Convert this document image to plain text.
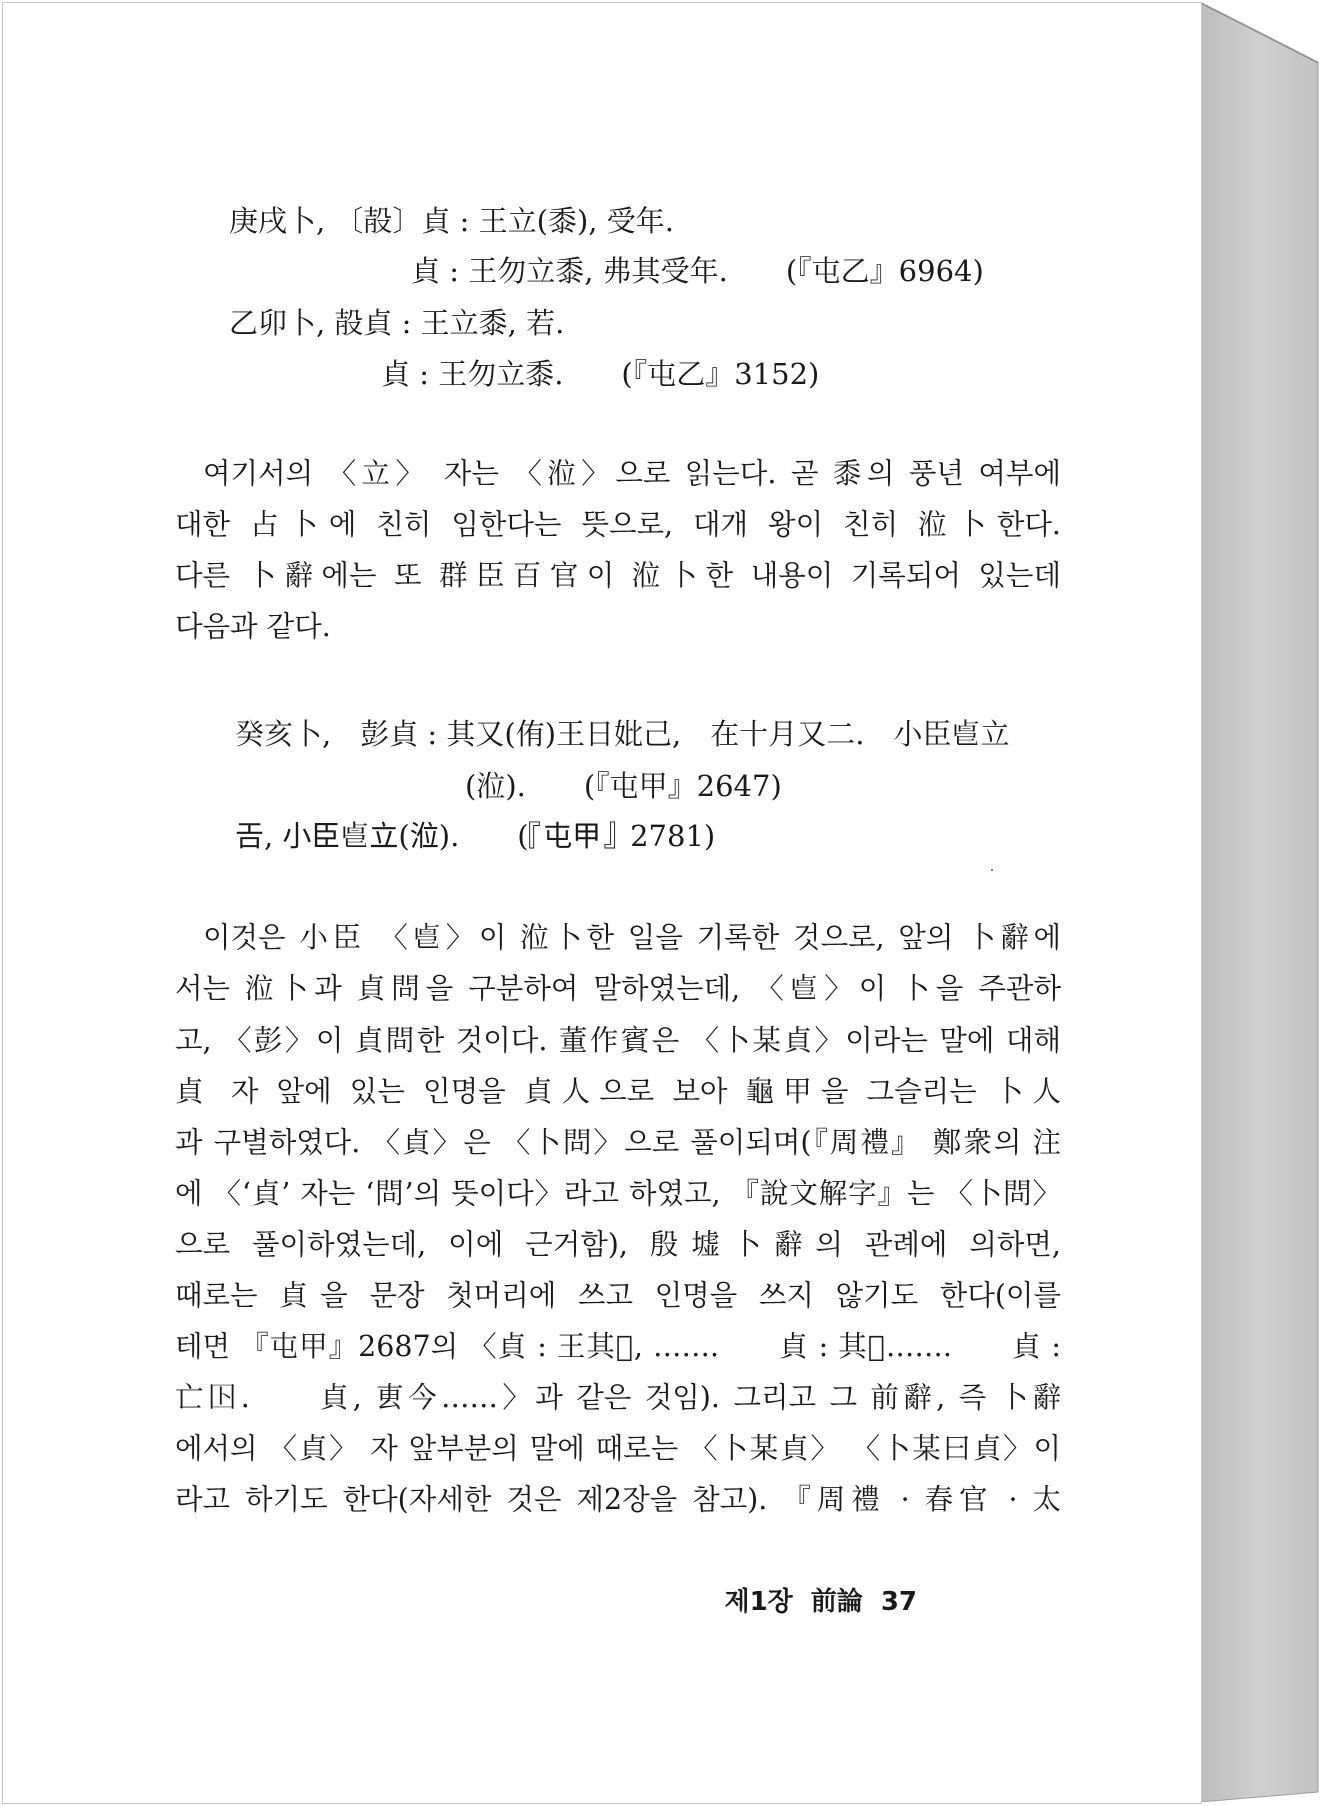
庚戌卜, 〔㱿〕貞 : 王立(黍), 受年.
貞 : 王勿立黍, 弗其受年.　　(『屯乙』6964)
乙卯卜, 㱿貞 : 王立黍, 若.
貞 : 王勿立黍.　　(『屯乙』3152)
여기서의 〈立〉 자는 〈涖〉으로 읽는다. 곧 黍의 풍년 여부에
대한 占卜에 친히 임한다는 뜻으로, 대개 왕이 친히 涖卜한다.
다른 卜辭에는 또 群臣百官이 涖卜한 내용이 기록되어 있는데
다음과 같다.
癸亥卜,　彭貞 : 其又(侑)王日妣己,　在十月又二.　小臣𠧢立
(涖).　　(『屯甲』2647)
𢀛, 小臣𠧢立(涖).　　(『屯甲』2781)
이것은 小臣 〈𠧢〉이 涖卜한 일을 기록한 것으로, 앞의 卜辭에
서는 涖卜과 貞問을 구분하여 말하였는데, 〈𠧢〉이 卜을 주관하
고, 〈彭〉이 貞問한 것이다. 董作賓은 〈卜某貞〉이라는 말에 대해
貞 자 앞에 있는 인명을 貞人으로 보아 龜甲을 그슬리는 卜人
과 구별하였다. 〈貞〉은 〈卜問〉으로 풀이되며(『周禮』 鄭衆의 注
에 〈‘貞’ 자는 ‘問’의 뜻이다〉라고 하였고, 『說文解字』는 〈卜問〉
으로 풀이하였는데, 이에 근거함), 殷墟卜辭의 관례에 의하면,
때로는 貞을 문장 첫머리에 쓰고 인명을 쓰지 않기도 한다(이를
테면 『屯甲』2687의 〈貞 : 王其𡧊, …….　　貞 : 其𡨄…….　　貞 :
亡𡆥.　　貞, 叀今……〉과 같은 것임). 그리고 그 前辭, 즉 卜辭
에서의 〈貞〉 자 앞부분의 말에 때로는 〈卜某貞〉 〈卜某曰貞〉이
라고 하기도 한다(자세한 것은 제2장을 참고). 『周禮 · 春官 · 太
제1장 前論 37
